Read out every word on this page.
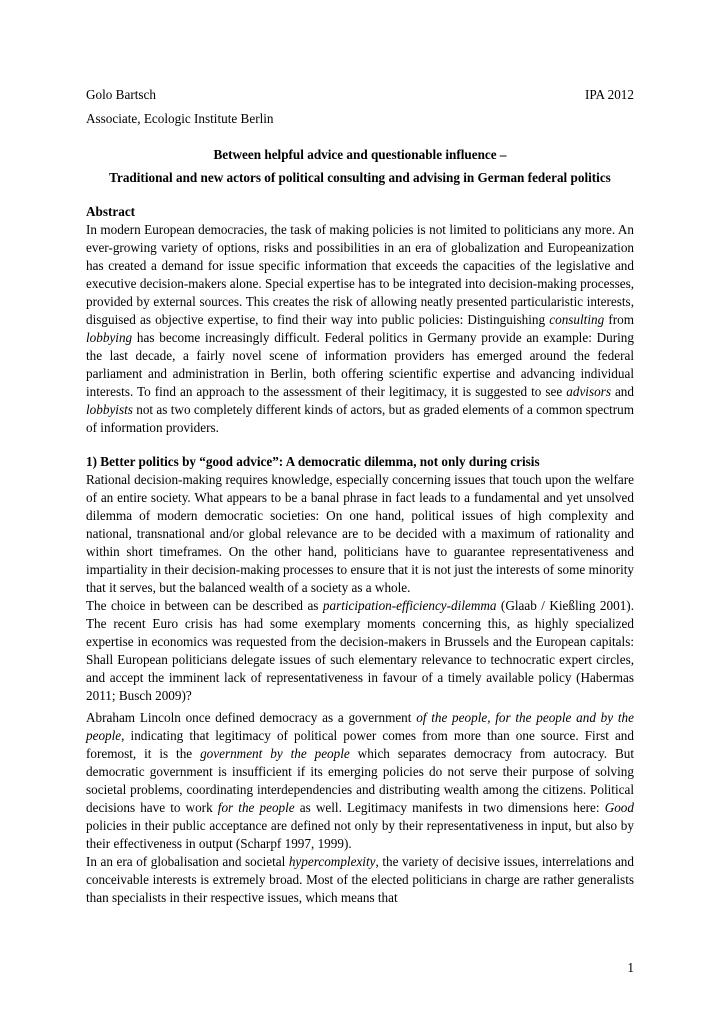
Golo Bartsch	IPA 2012
Associate, Ecologic Institute Berlin

Between helpful advice and questionable influence –

Traditional and new actors of political consulting and advising in German federal politics

Abstract

In modern European democracies, the task of making policies is not limited to politicians any more. An ever-growing variety of options, risks and possibilities in an era of globalization and Europeanization has created a demand for issue specific information that exceeds the capacities of the legislative and executive decision-makers alone. Special expertise has to be integrated into decision-making processes, provided by external sources. This creates the risk of allowing neatly presented particularistic interests, disguised as objective expertise, to find their way into public policies: Distinguishing consulting from lobbying has become increasingly difficult. Federal politics in Germany provide an example: During the last decade, a fairly novel scene of information providers has emerged around the federal parliament and administration in Berlin, both offering scientific expertise and advancing individual interests. To find an approach to the assessment of their legitimacy, it is suggested to see advisors and lobbyists not as two completely different kinds of actors, but as graded elements of a common spectrum of information providers.

1) Better politics by “good advice”: A democratic dilemma, not only during crisis

Rational decision-making requires knowledge, especially concerning issues that touch upon the welfare of an entire society. What appears to be a banal phrase in fact leads to a fundamental and yet unsolved dilemma of modern democratic societies: On one hand, political issues of high complexity and national, transnational and/or global relevance are to be decided with a maximum of rationality and within short timeframes. On the other hand, politicians have to guarantee representativeness and impartiality in their decision-making processes to ensure that it is not just the interests of some minority that it serves, but the balanced wealth of a society as a whole.

The choice in between can be described as participation-efficiency-dilemma (Glaab / Kießling 2001). The recent Euro crisis has had some exemplary moments concerning this, as highly specialized expertise in economics was requested from the decision-makers in Brussels and the European capitals: Shall European politicians delegate issues of such elementary relevance to technocratic expert circles, and accept the imminent lack of representativeness in favour of a timely available policy (Habermas 2011; Busch 2009)?

Abraham Lincoln once defined democracy as a government of the people, for the people and by the people, indicating that legitimacy of political power comes from more than one source. First and foremost, it is the government by the people which separates democracy from autocracy. But democratic government is insufficient if its emerging policies do not serve their purpose of solving societal problems, coordinating interdependencies and distributing wealth among the citizens. Political decisions have to work for the people as well. Legitimacy manifests in two dimensions here: Good policies in their public acceptance are defined not only by their representativeness in input, but also by their effectiveness in output (Scharpf 1997, 1999).

In an era of globalisation and societal hypercomplexity, the variety of decisive issues, interrelations and conceivable interests is extremely broad. Most of the elected politicians in charge are rather generalists than specialists in their respective issues, which means that

1
